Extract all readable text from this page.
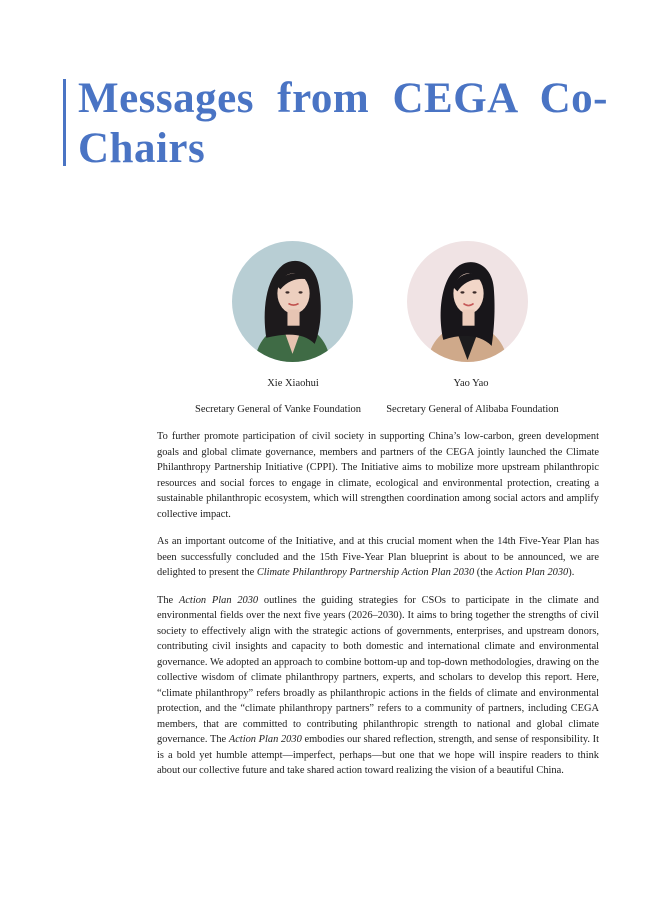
Messages from CEGA Co-Chairs
Xie Xiaohui	Yao Yao
Secretary General of Vanke Foundation	Secretary General of Alibaba Foundation

To further promote participation of civil society in supporting China’s low-carbon, green development goals and global climate governance, members and partners of the CEGA jointly launched the Climate Philanthropy Partnership Initiative (CPPI). The Initiative aims to mobilize more upstream philanthropic resources and social forces to engage in climate, ecological and environmental protection, creating a sustainable philanthropic ecosystem, which will strengthen coordination among social actors and amplify collective impact.

As an important outcome of the Initiative, and at this crucial moment when the 14th Five-Year Plan has been successfully concluded and the 15th Five-Year Plan blueprint is about to be announced, we are delighted to present the Climate Philanthropy Partnership Action Plan 2030 (the Action Plan 2030).

The Action Plan 2030 outlines the guiding strategies for CSOs to participate in the climate and environmental fields over the next five years (2026–2030). It aims to bring together the strengths of civil society to effectively align with the strategic actions of governments, enterprises, and upstream donors, contributing civil insights and capacity to both domestic and international climate and environmental governance. We adopted an approach to combine bottom-up and top-down methodologies, drawing on the collective wisdom of climate philanthropy partners, experts, and scholars to develop this report. Here, “climate philanthropy” refers broadly as philanthropic actions in the fields of climate and environmental protection, and the “climate philanthropy partners” refers to a community of partners, including CEGA members, that are committed to contributing philanthropic strength to national and global climate governance. The Action Plan 2030 embodies our shared reflection, strength, and sense of responsibility. It is a bold yet humble attempt—imperfect, perhaps—but one that we hope will inspire readers to think about our collective future and take shared action toward realizing the vision of a beautiful China.
